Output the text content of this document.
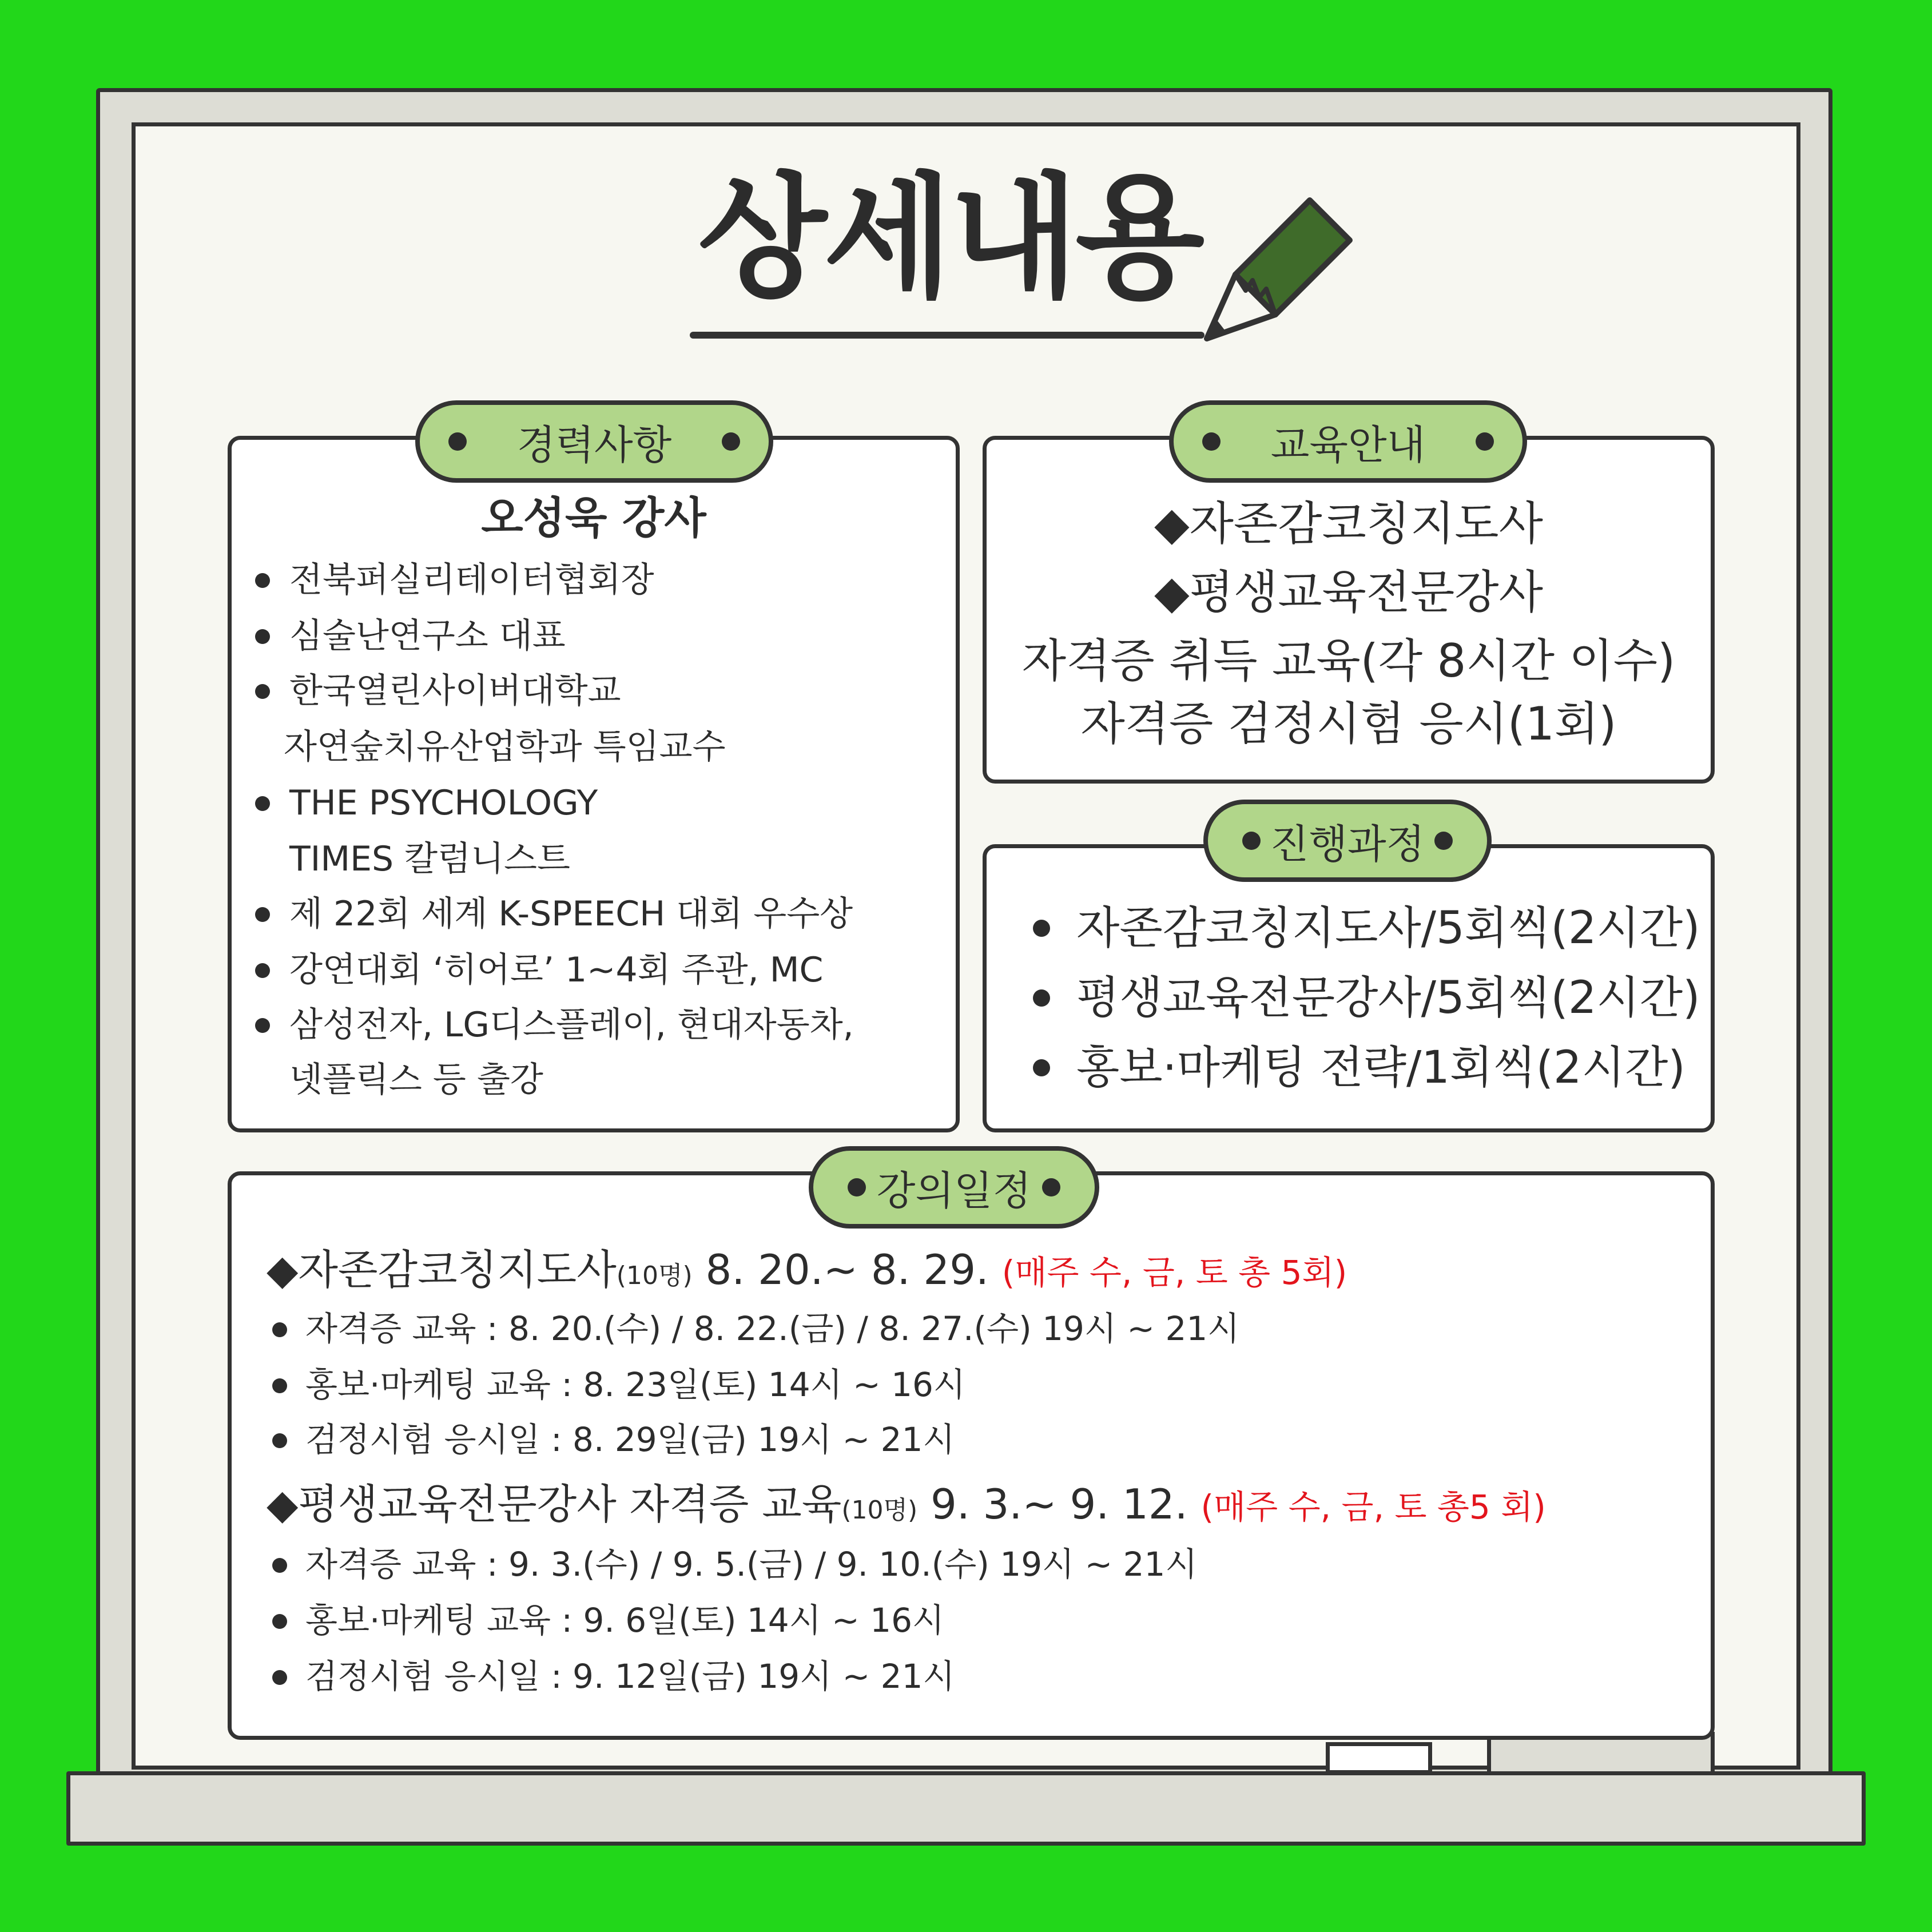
상세내용
경력사항
오성욱 강사
전북퍼실리테이터협회장
심술난연구소 대표
한국열린사이버대학교
자연숲치유산업학과 특임교수
THE PSYCHOLOGY
TIMES 칼럼니스트
제 22회 세계 K-SPEECH 대회 우수상
강연대회 ‘히어로’ 1~4회 주관, MC
삼성전자, LG디스플레이, 현대자동차,
넷플릭스 등 출강
교육안내
◆자존감코칭지도사
◆평생교육전문강사
자격증 취득 교육(각 8시간 이수)
자격증 검정시험 응시(1회)
진행과정
자존감코칭지도사/5회씩(2시간)
평생교육전문강사/5회씩(2시간)
홍보·마케팅 전략/1회씩(2시간)
강의일정
◆자존감코칭지도사(10명) 8. 20.~ 8. 29. (매주 수, 금, 토 총 5회)
자격증 교육 : 8. 20.(수) / 8. 22.(금) / 8. 27.(수) 19시 ~ 21시
홍보·마케팅 교육 : 8. 23일(토) 14시 ~ 16시
검정시험 응시일 : 8. 29일(금) 19시 ~ 21시
◆평생교육전문강사 자격증 교육(10명) 9. 3.~ 9. 12. (매주 수, 금, 토 총5 회)
자격증 교육 : 9. 3.(수) / 9. 5.(금) / 9. 10.(수) 19시 ~ 21시
홍보·마케팅 교육 : 9. 6일(토) 14시 ~ 16시
검정시험 응시일 : 9. 12일(금) 19시 ~ 21시
